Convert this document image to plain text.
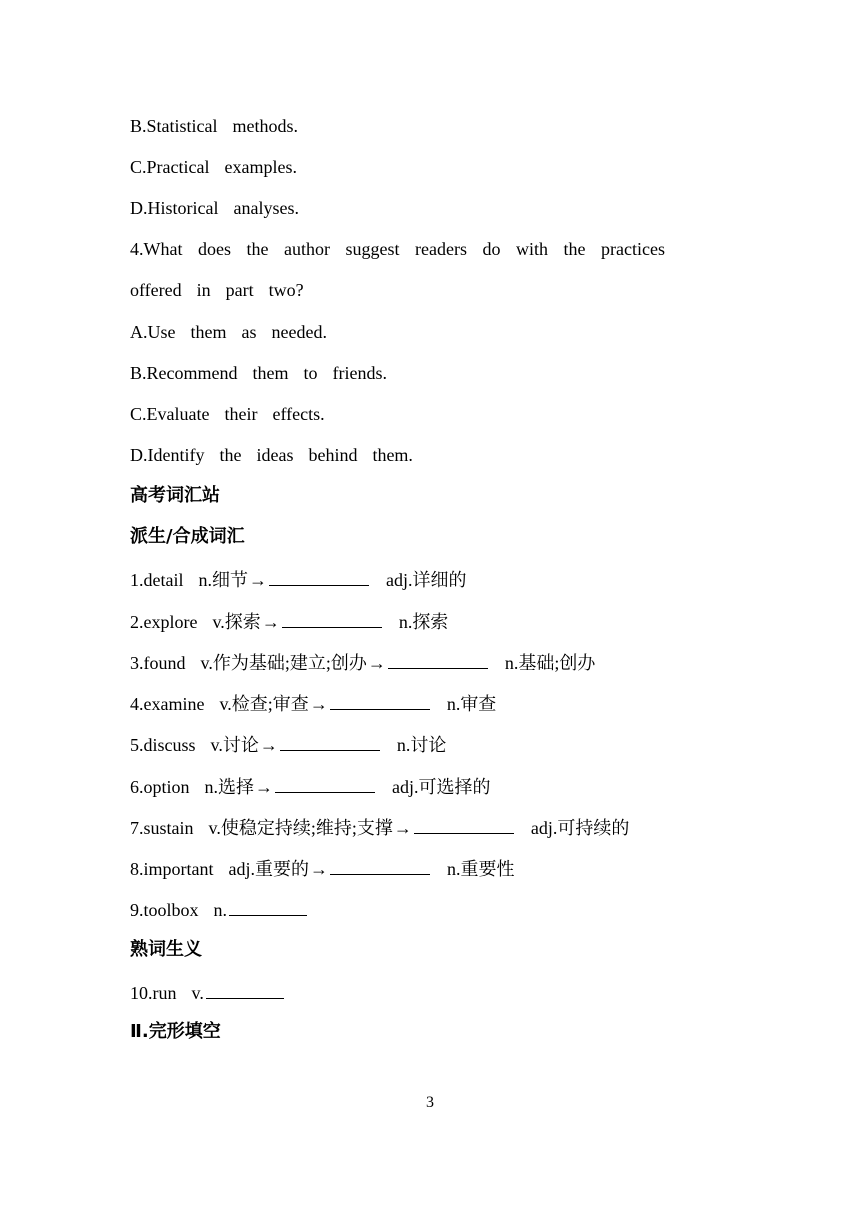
B.Statistical  methods.
C.Practical  examples.
D.Historical  analyses.
4.What does the author suggest readers do with the practices
offered  in  part  two?
A.Use  them  as  needed.
B.Recommend  them  to  friends.
C.Evaluate  their  effects.
D.Identify  the  ideas  behind  them.
高考词汇站
派生/合成词汇
1.detail  n.细节→	adj.详细的
2.explore  v.探索→	n.探索
3.found  v.作为基础;建立;创办→	n.基础;创办
4.examine  v.检查;审查→	n.审查
5.discuss  v.讨论→	n.讨论
6.option  n.选择→	adj.可选择的
7.sustain  v.使稳定持续;维持;支撑→	adj.可持续的
8.important  adj.重要的→	n.重要性
9.toolbox  n.
熟词生义
10.run  v.
Ⅱ.完形填空
3
